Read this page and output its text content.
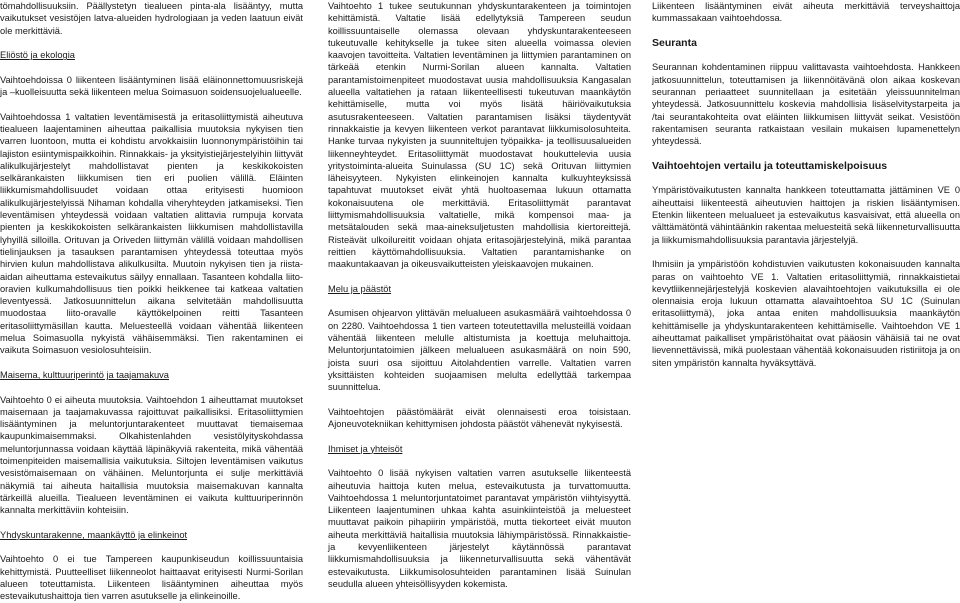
tömahdollisuuksiin. Päällystetyn tiealueen pinta-ala lisääntyy, mutta vaikutukset vesistöjen latva-alueiden hydrologiaan ja veden laatuun eivät ole merkittäviä.

Eliöstö ja ekologia

Vaihtoehdoissa 0 liikenteen lisääntyminen lisää eläinonnettomuusriskejä ja –kuolleisuutta sekä liikenteen melua Soimasuon soidensuojelualueelle.

Vaihtoehdossa 1 valtatien leventämisestä ja eritasoliittymistä aiheutuva tiealueen laajentaminen aiheuttaa paikallisia muutoksia nykyisen tien varren luontoon, mutta ei kohdistu arvokkaisiin luonnonympäristöihin tai lajiston esiintymispaikkoihin. Rinnakkais- ja yksityistiejärjestelyihin liittyvät alikulkujärjestelyt mahdollistavat pienten ja keskikokoisten selkärankaisten liikkumisen tien eri puolien välillä. Eläinten liikkumismahdollisuudet voidaan ottaa erityisesti huomioon alikulkujärjestelyissä Nihaman kohdalla viheryhteyden jatkamiseksi. Tien leventämisen yhteydessä voidaan valtatien alittavia rumpuja korvata pienten ja keskikokoisten selkärankaisten liikkumisen mahdollistavilla lyhyillä silloilla. Orituvan ja Oriveden liittymän välillä voidaan mahdollisen tielinjauksen ja tasauksen parantamisen yhteydessä toteuttaa myös hirvien kulun mahdollistava alikulkusilta. Muutoin nykyisen tien ja riista-aidan aiheuttama estevaikutus säilyy ennallaan. Tasanteen kohdalla liito-oravien kulkumahdollisuus tien poikki heikkenee tai katkeaa valtatien leventyessä. Jatkosuunnittelun aikana selvitetään mahdollisuutta muodostaa liito-oravalle käyttökelpoinen reitti Tasanteen eritasoliittymäsillan kautta. Meluesteellä voidaan vähentää liikenteen melua Soimasuolla nykyistä vähäisemmäksi. Tien rakentaminen ei vaikuta Soimasuon vesiolosuhteisiin.

Maisema, kulttuuriperintö ja taajamakuva

Vaihtoehto 0 ei aiheuta muutoksia. Vaihtoehdon 1 aiheuttamat muutokset maisemaan ja taajamakuvassa rajoittuvat paikallisiksi. Eritasoliittymien lisääntyminen ja meluntorjuntarakenteet muuttavat tiemaisemaa kaupunkimaisemmaksi. Olkahistenlahden vesistölyityskohdassa meluntorjunnassa voidaan käyttää läpinäkyviä rakenteita, mikä vähentää toimenpiteiden maisemallisia vaikutuksia. Siltojen leventämisen vaikutus vesistömaisemaan on vähäinen. Meluntorjunta ei sulje merkittäviä näkymiä tai aiheuta haitallisia muutoksia maisemakuvan kannalta tärkeillä alueilla. Tiealueen leventäminen ei vaikuta kulttuuriperinnön kannalta merkittäviin kohteisiin.

Yhdyskuntarakenne, maankäyttö ja elinkeinot

Vaihtoehto 0 ei tue Tampereen kaupunkiseudun koillissuuntaisia kehittymistä. Puutteelliset liikenneolot haittaavat erityisesti Nurmi-Sorilan alueen toteuttamista. Liikenteen lisääntyminen aiheuttaa myös estevaikutushaittoja tien varren asutukselle ja elinkeinoille.

Vaihtoehto 1 tukee seutukunnan yhdyskuntarakenteen ja toimintojen kehittämistä. Valtatie lisää edellytyksiä Tampereen seudun koillissuuntaiselle olemassa olevaan yhdyskuntarakenteeseen tukeutuvalle kehitykselle ja tukee siten alueella voimassa olevien kaavojen tavoitteita. Valtatien leventäminen ja liittymien parantaminen on tärkeää etenkin Nurmi-Sorilan alueen kannalta. Valtatien parantamistoimenpiteet muodostavat uusia mahdollisuuksia Kangasalan alueella valtatiehen ja rataan liikenteellisesti tukeutuvan maankäytön kehittämiselle, mutta voi myös lisätä häiriövaikutuksia asutusrakenteeseen. Valtatien parantamisen lisäksi täydentyvät rinnakkaistie ja kevyen liikenteen verkot parantavat liikkumisolosuhteita. Hanke turvaa nykyisten ja suunniteltujen työpaikka- ja teollisuusalueiden liikenneyhteydet. Eritasoliittymät muodostavat houkuttelevia uusia yritystoiminta-alueita Suinulassa (SU 1C) sekä Orituvan liittymien läheisyyteen. Nykyisten elinkeinojen kannalta kulkuyhteyksissä tapahtuvat muutokset eivät yhtä huoltoasemaa lukuun ottamatta kokonaisuutena ole merkittäviä. Eritasoliittymät parantavat liittymismahdollisuuksia valtatielle, mikä kompensoi maa- ja metsätalouden sekä maa-aineksuljetusten mahdollisia kiertoreittejä. Risteävät ulkoilureitit voidaan ohjata eritasojärjestelyinä, mikä parantaa reittien käyttömahdollisuuksia. Valtatien parantamishanke on maakuntakaavan ja oikeusvaikutteisten yleiskaavojen mukainen.

Melu ja päästöt

Asumisen ohjearvon ylittävän melualueen asukasmäärä vaihtoehdossa 0 on 2280. Vaihtoehdossa 1 tien varteen toteutettavilla melusteillä voidaan vähentää liikenteen melulle altistumista ja koettuja meluhaittoja. Meluntorjuntatoimien jälkeen melualueen asukasmäärä on noin 590, joista suuri osa sijoittuu Aitolahdentien varrelle. Valtatien varren yksittäisten kohteiden suojaamisen melulta edellyttää tarkempaa suunnittelua.

Vaihtoehtojen päästömäärät eivät olennaisesti eroa toisistaan. Ajoneuvotekniikan kehittymisen johdosta päästöt vähenevät nykyisestä.

Ihmiset ja yhteisöt

Vaihtoehto 0 lisää nykyisen valtatien varren asutukselle liikenteestä aiheutuvia haittoja kuten melua, estevaikutusta ja turvattomuutta. Vaihtoehdossa 1 meluntorjuntatoimet parantavat ympäristön viihtyisyyttä. Liikenteen laajentuminen uhkaa kahta asuinkiinteistöä ja meluesteet muuttavat paikoin pihapiirin ympäristöä, mutta tiekorteet eivät muuton aiheuta merkittäviä haitallisia muutoksia lähiympäristössä. Rinnakkaistie- ja kevyenliikenteen järjestelyt käytännössä parantavat liikkumismahdollisuuksia ja liikenneturvallisuutta sekä vähentävät estevaikutusta. Liikkumisolosuhteiden parantaminen lisää Suinulan seudulla alueen yhteisöllisyyden kokemista.

Liikenteen lisääntyminen eivät aiheuta merkittäviä terveyshaittoja kummassakaan vaihtoehdossa.

Seuranta

Seurannan kohdentaminen riippuu valittavasta vaihtoehdosta. Hankkeen jatkosuunnittelun, toteuttamisen ja liikennöitävänä olon aikaa koskevan seurannan periaatteet suunnitellaan ja esitetään yleissuunnitelman yhteydessä. Jatkosuunnittelu koskevia mahdollisia lisäselvitystarpeita ja /tai seurantakohteita ovat eläinten liikkumisen liittyvät seikat. Vesistöön rakentamisen seuranta ratkaistaan vesilain mukaisen lupamenettelyn yhteydessä.

Vaihtoehtojen vertailu ja toteuttamiskelpoisuus

Ympäristövaikutusten kannalta hankkeen toteuttamatta jättäminen VE 0 aiheuttaisi liikenteestä aiheutuvien haittojen ja riskien lisääntymisen. Etenkin liikenteen melualueet ja estevaikutus kasvaisivat, että alueella on välttämätöntä vähintäänkin rakentaa meluesteitä sekä liikenneturvallisuutta ja liikkumismahdollisuuksia parantavia järjestelyjä.

Ihmisiin ja ympäristöön kohdistuvien vaikutusten kokonaisuuden kannalta paras on vaihtoehto VE 1. Valtatien eritasoliittymiä, rinnakkaistietai kevytliikennejärjestelyjä koskevien alavaihtoehtojen vaikutuksilla ei ole olennaisia eroja lukuun ottamatta alavaihtoehtoa SU 1C (Suinulan eritasoliittymä), joka antaa eniten mahdollisuuksia maankäytön kehittämiselle ja yhdyskuntarakenteen kehittämiselle. Vaihtoehdon VE 1 aiheuttamat paikalliset ympäristöhaitat ovat pääosin vähäisiä tai ne ovat lievennettävissä, mikä puolestaan vähentää kokonaisuuden ristiriitoja ja on siten ympäristön kannalta hyväksyttävä.
